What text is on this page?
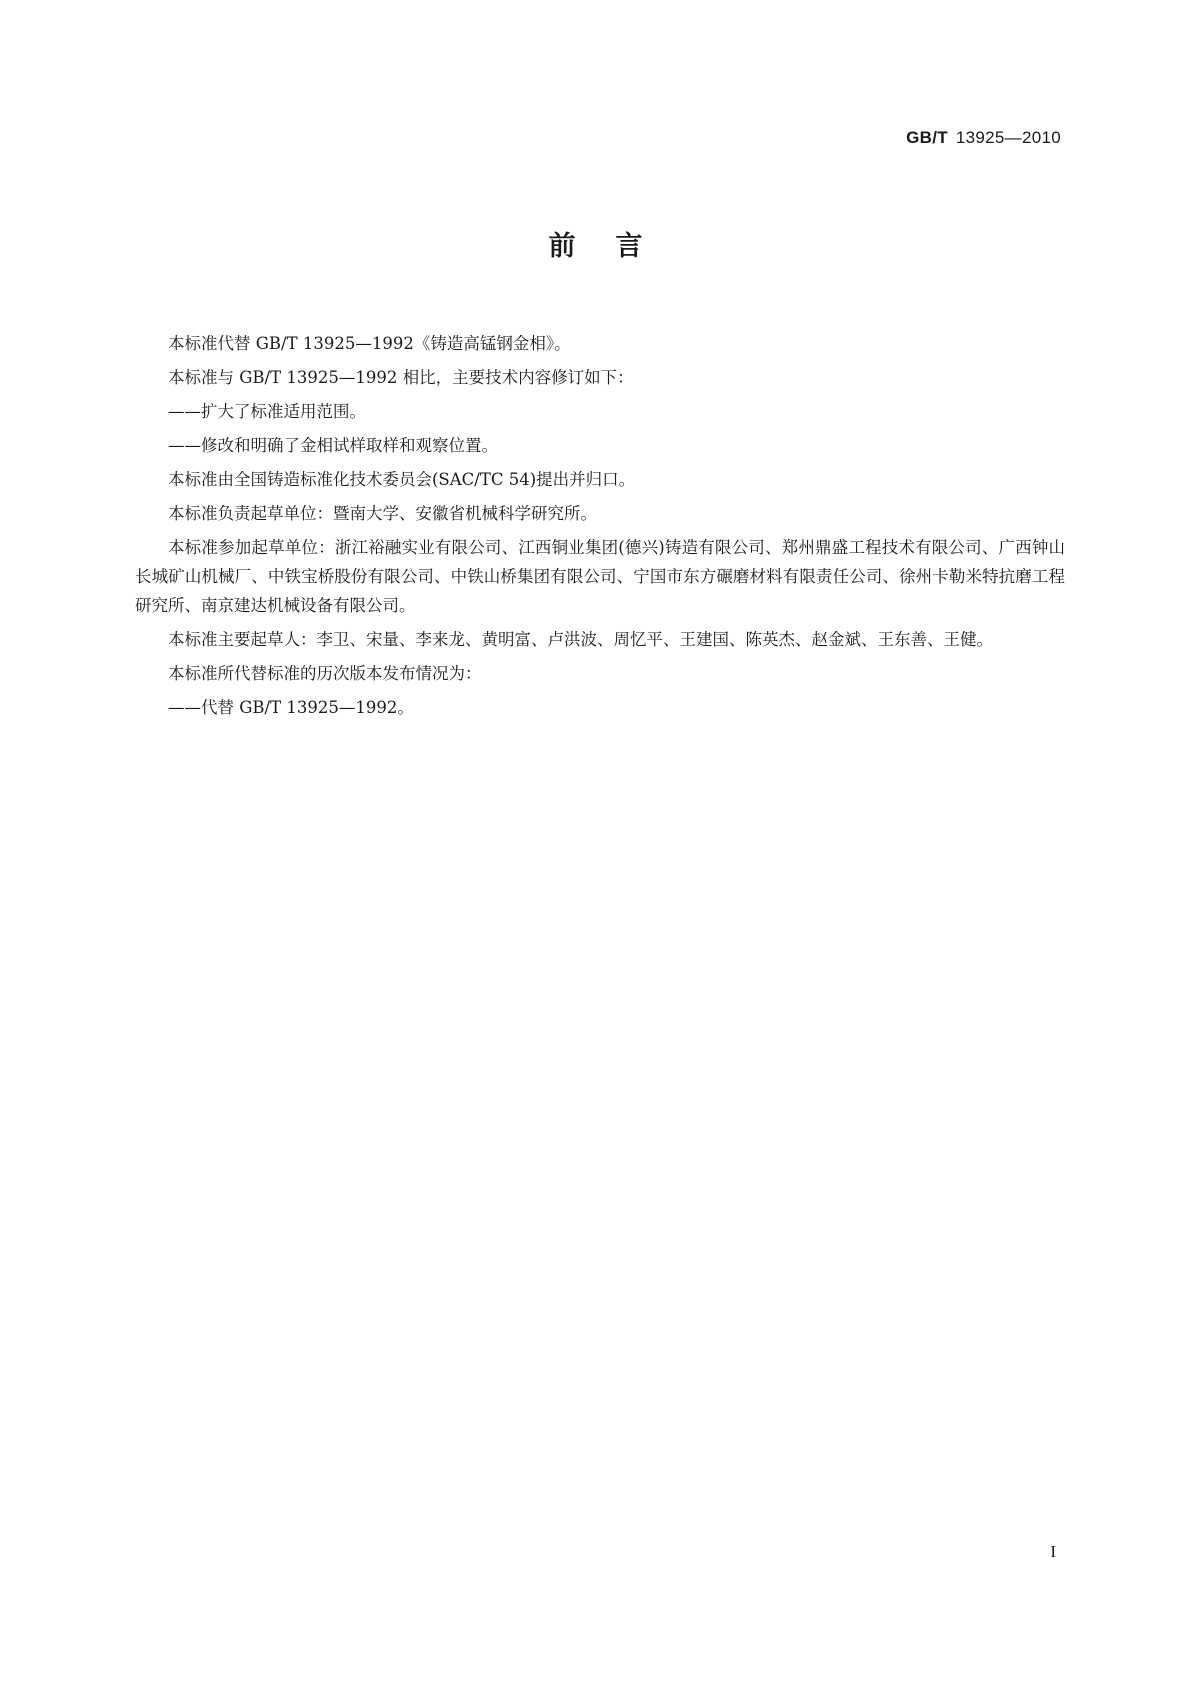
GB/T 13925—2010
前言

本标准代替 GB/T 13925—1992《铸造高锰钢金相》。

本标准与 GB/T 13925—1992 相比，主要技术内容修订如下：

——扩大了标准适用范围。

——修改和明确了金相试样取样和观察位置。

本标准由全国铸造标准化技术委员会(SAC/TC 54)提出并归口。

本标准负责起草单位：暨南大学、安徽省机械科学研究所。

本标准参加起草单位：浙江裕融实业有限公司、江西铜业集团(德兴)铸造有限公司、郑州鼎盛工程技术有限公司、广西钟山长城矿山机械厂、中铁宝桥股份有限公司、中铁山桥集团有限公司、宁国市东方碾磨材料有限责任公司、徐州卡勒米特抗磨工程研究所、南京建达机械设备有限公司。

本标准主要起草人：李卫、宋量、李来龙、黄明富、卢洪波、周忆平、王建国、陈英杰、赵金斌、王东善、王健。

本标准所代替标准的历次版本发布情况为：

——代替 GB/T 13925—1992。

I
